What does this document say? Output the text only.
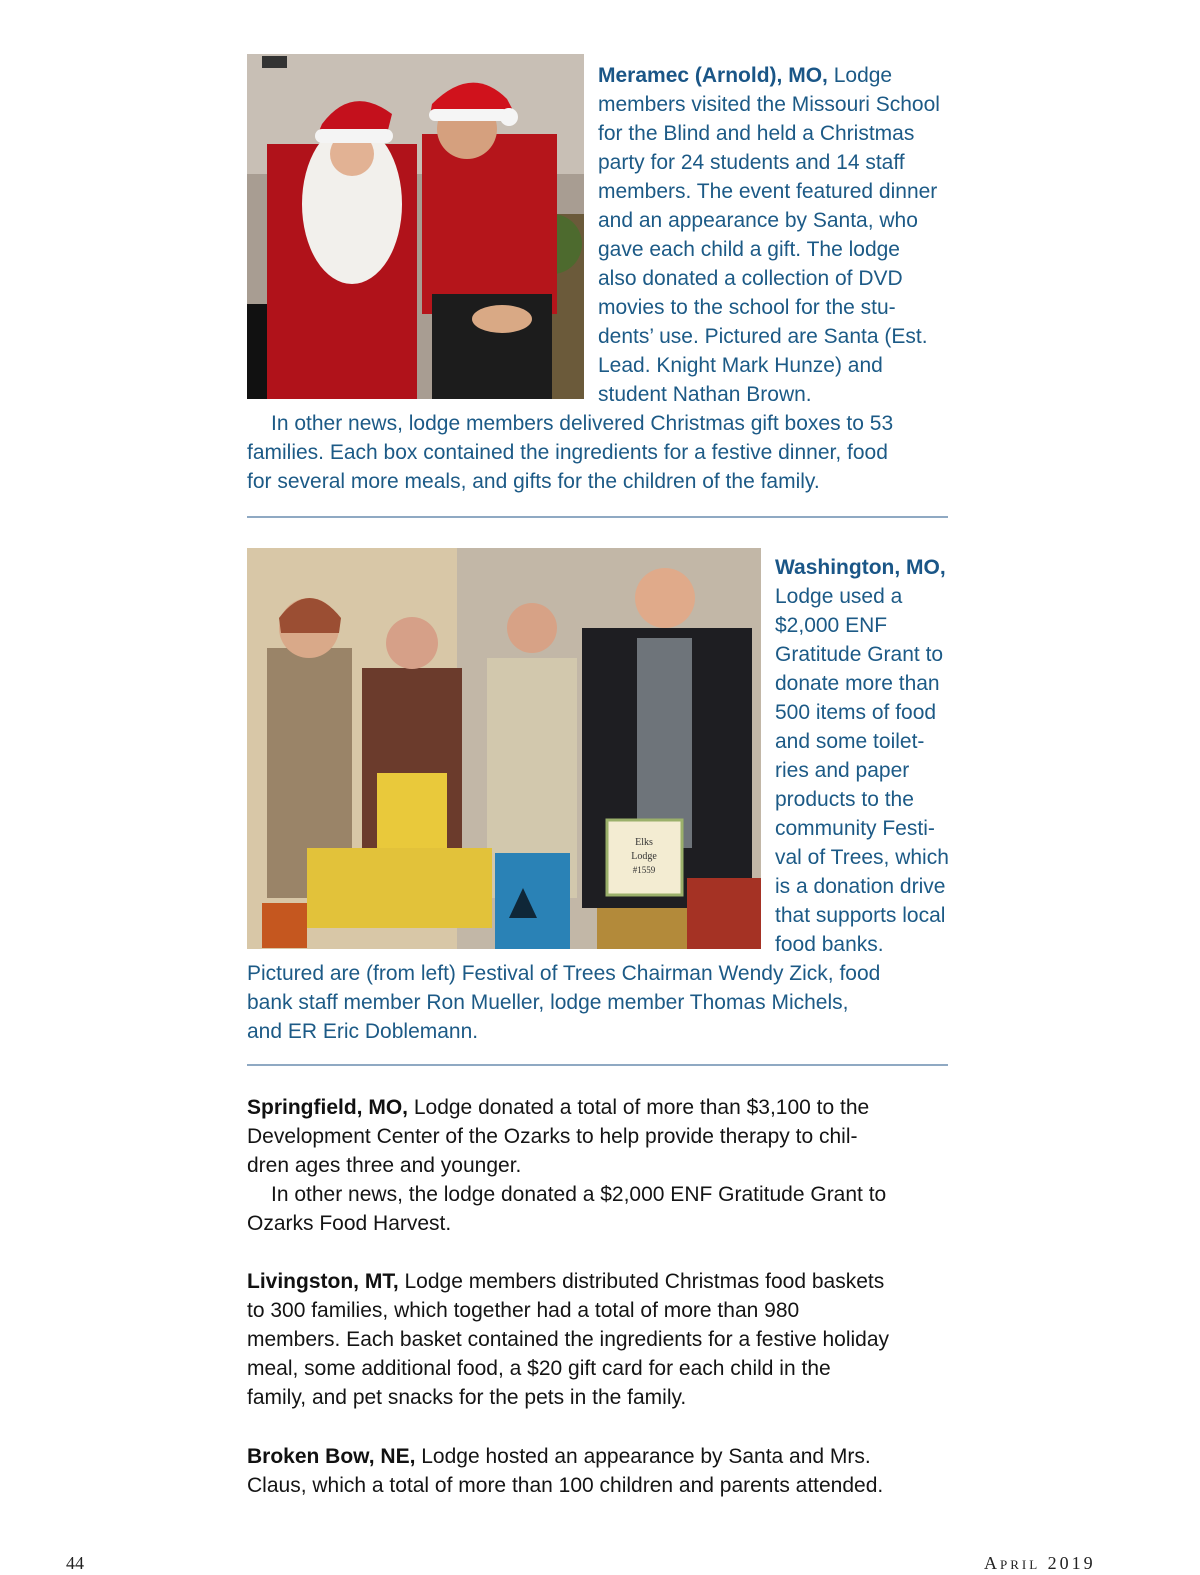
Meramec (Arnold), MO, Lodge
members visited the Missouri School
for the Blind and held a Christmas
party for 24 students and 14 staff
members. The event featured dinner
and an appearance by Santa, who
gave each child a gift. The lodge
also donated a collection of DVD
movies to the school for the stu-
dents’ use. Pictured are Santa (Est.
Lead. Knight Mark Hunze) and
student Nathan Brown.
In other news, lodge members delivered Christmas gift boxes to 53
families. Each box contained the ingredients for a festive dinner, food
for several more meals, and gifts for the children of the family.
Elks
Lodge
#1559
Washington, MO,
Lodge used a
$2,000 ENF
Gratitude Grant to
donate more than
500 items of food
and some toilet-
ries and paper
products to the
community Festi-
val of Trees, which
is a donation drive
that supports local
food banks.
Pictured are (from left) Festival of Trees Chairman Wendy Zick, food
bank staff member Ron Mueller, lodge member Thomas Michels,
and ER Eric Doblemann.
Springfield, MO, Lodge donated a total of more than $3,100 to the
Development Center of the Ozarks to help provide therapy to chil-
dren ages three and younger.
In other news, the lodge donated a $2,000 ENF Gratitude Grant to
Ozarks Food Harvest.
Livingston, MT, Lodge members distributed Christmas food baskets
to 300 families, which together had a total of more than 980
members. Each basket contained the ingredients for a festive holiday
meal, some additional food, a $20 gift card for each child in the
family, and pet snacks for the pets in the family.
Broken Bow, NE, Lodge hosted an appearance by Santa and Mrs.
Claus, which a total of more than 100 children and parents attended.
44	April 2019
